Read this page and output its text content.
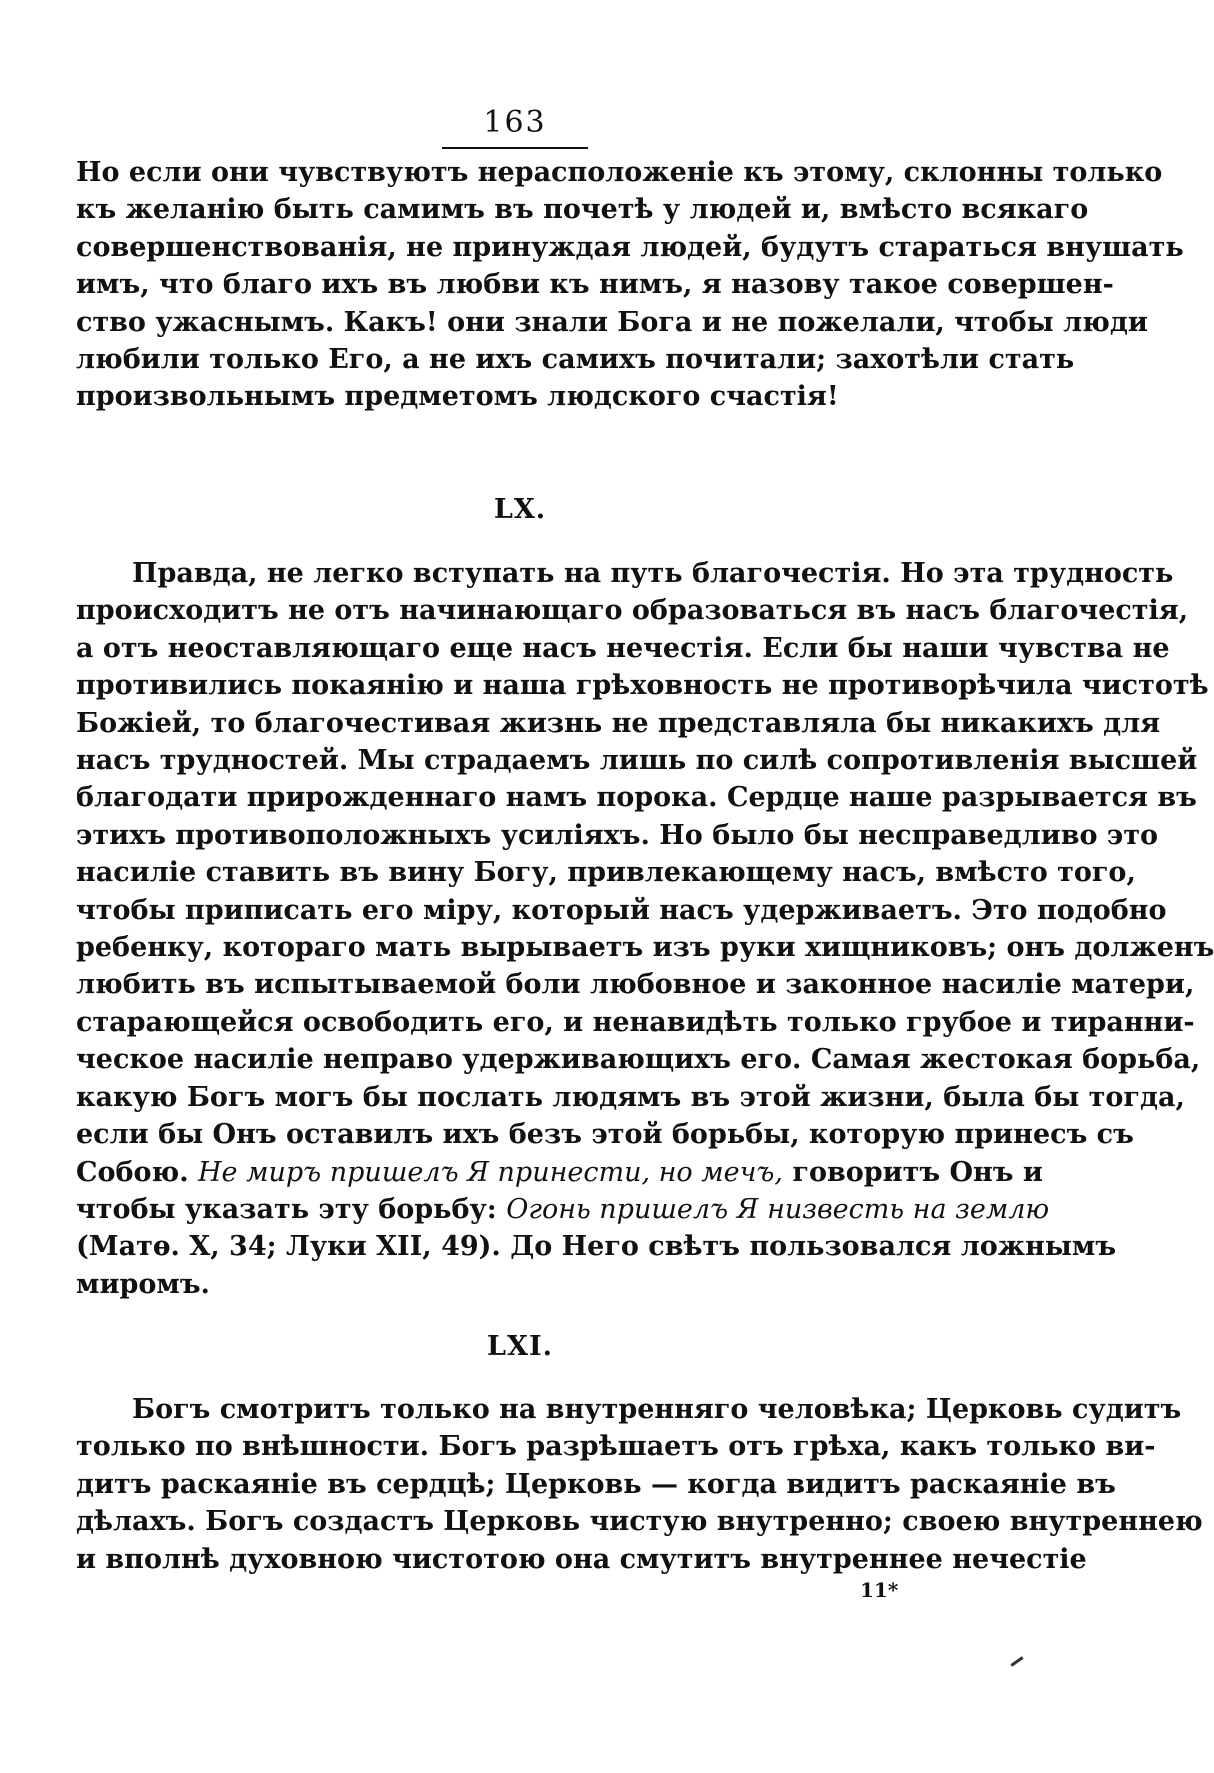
163
Но если они чувствуютъ нерасположеніе къ этому, склонны только
къ желанію быть самимъ въ почетѣ у людей и, вмѣсто всякаго
совершенствованія, не принуждая людей, будутъ стараться внушать
имъ, что благо ихъ въ любви къ нимъ, я назову такое совершен-
ство ужаснымъ. Какъ! они знали Бога и не пожелали, чтобы люди
любили только Его, а не ихъ самихъ почитали; захотѣли стать
произвольнымъ предметомъ людского счастія!
LX.
Правда, не легко вступать на путь благочестія. Но эта трудность
происходитъ не отъ начинающаго образоваться въ насъ благочестія,
а отъ неоставляющаго еще насъ нечестія. Если бы наши чувства не
противились покаянію и наша грѣховность не противорѣчила чистотѣ
Божіей, то благочестивая жизнь не представляла бы никакихъ для
насъ трудностей. Мы страдаемъ лишь по силѣ сопротивленія высшей
благодати прирожденнаго намъ порока. Сердце наше разрывается въ
этихъ противоположныхъ усиліяхъ. Но было бы несправедливо это
насиліе ставить въ вину Богу, привлекающему насъ, вмѣсто того,
чтобы приписать его міру, который насъ удерживаетъ. Это подобно
ребенку, котораго мать вырываетъ изъ руки хищниковъ; онъ долженъ
любить въ испытываемой боли любовное и законное насиліе матери,
старающейся освободить его, и ненавидѣть только грубое и тиранни-
ческое насиліе неправо удерживающихъ его. Самая жестокая борьба,
какую Богъ могъ бы послать людямъ въ этой жизни, была бы тогда,
если бы Онъ оставилъ ихъ безъ этой борьбы, которую принесъ съ
Собою. Не миръ пришелъ Я принести, но мечъ, говоритъ Онъ и
чтобы указать эту борьбу: Огонь пришелъ Я низвесть на землю
(Матѳ. X, 34; Луки XII, 49). До Него свѣтъ пользовался ложнымъ
миромъ.
LXI.
Богъ смотритъ только на внутренняго человѣка; Церковь судитъ
только по внѣшности. Богъ разрѣшаетъ отъ грѣха, какъ только ви-
дитъ раскаяніе въ сердцѣ; Церковь — когда видитъ раскаяніе въ
дѣлахъ. Богъ создастъ Церковь чистую внутренно; своею внутреннею
и вполнѣ духовною чистотою она смутитъ внутреннее нечестіе
11*
